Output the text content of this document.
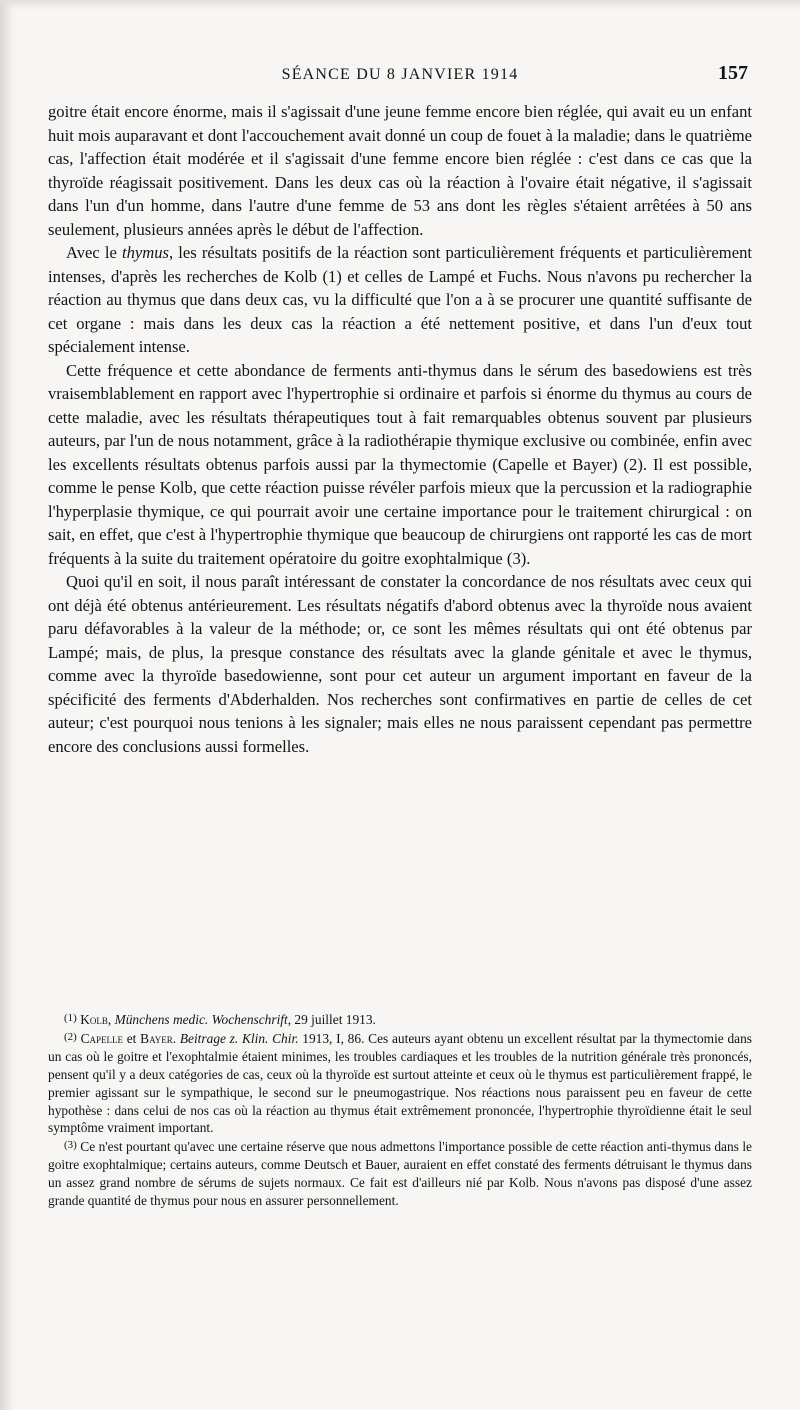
SÉANCE DU 8 JANVIER 1914	157

goitre était encore énorme, mais il s'agissait d'une jeune femme encore bien réglée, qui avait eu un enfant huit mois auparavant et dont l'accouchement avait donné un coup de fouet à la maladie; dans le quatrième cas, l'affection était modérée et il s'agissait d'une femme encore bien réglée : c'est dans ce cas que la thyroïde réagissait positivement. Dans les deux cas où la réaction à l'ovaire était négative, il s'agissait dans l'un d'un homme, dans l'autre d'une femme de 53 ans dont les règles s'étaient arrêtées à 50 ans seulement, plusieurs années après le début de l'affection.

Avec le thymus, les résultats positifs de la réaction sont particulièrement fréquents et particulièrement intenses, d'après les recherches de Kolb (1) et celles de Lampé et Fuchs. Nous n'avons pu rechercher la réaction au thymus que dans deux cas, vu la difficulté que l'on a à se procurer une quantité suffisante de cet organe : mais dans les deux cas la réaction a été nettement positive, et dans l'un d'eux tout spécialement intense.

Cette fréquence et cette abondance de ferments anti-thymus dans le sérum des basedowiens est très vraisemblablement en rapport avec l'hypertrophie si ordinaire et parfois si énorme du thymus au cours de cette maladie, avec les résultats thérapeutiques tout à fait remarquables obtenus souvent par plusieurs auteurs, par l'un de nous notamment, grâce à la radiothérapie thymique exclusive ou combinée, enfin avec les excellents résultats obtenus parfois aussi par la thymectomie (Capelle et Bayer) (2). Il est possible, comme le pense Kolb, que cette réaction puisse révéler parfois mieux que la percussion et la radiographie l'hyperplasie thymique, ce qui pourrait avoir une certaine importance pour le traitement chirurgical : on sait, en effet, que c'est à l'hypertrophie thymique que beaucoup de chirurgiens ont rapporté les cas de mort fréquents à la suite du traitement opératoire du goitre exophtalmique (3).

Quoi qu'il en soit, il nous paraît intéressant de constater la concordance de nos résultats avec ceux qui ont déjà été obtenus antérieurement. Les résultats négatifs d'abord obtenus avec la thyroïde nous avaient paru défavorables à la valeur de la méthode; or, ce sont les mêmes résultats qui ont été obtenus par Lampé; mais, de plus, la presque constance des résultats avec la glande génitale et avec le thymus, comme avec la thyroïde basedowienne, sont pour cet auteur un argument important en faveur de la spécificité des ferments d'Abderhalden. Nos recherches sont confirmatives en partie de celles de cet auteur; c'est pourquoi nous tenions à les signaler; mais elles ne nous paraissent cependant pas permettre encore des conclusions aussi formelles.

$^{(1)}$ Kolb, Münchens medic. Wochenschrift, 29 juillet 1913.

$^{(2)}$ Capelle et Bayer. Beitrage z. Klin. Chir. 1913, I, 86. Ces auteurs ayant obtenu un excellent résultat par la thymectomie dans un cas où le goitre et l'exophtalmie étaient minimes, les troubles cardiaques et les troubles de la nutrition générale très prononcés, pensent qu'il y a deux catégories de cas, ceux où la thyroïde est surtout atteinte et ceux où le thymus est particulièrement frappé, le premier agissant sur le sympathique, le second sur le pneumogastrique. Nos réactions nous paraissent peu en faveur de cette hypothèse : dans celui de nos cas où la réaction au thymus était extrêmement prononcée, l'hypertrophie thyroïdienne était le seul symptôme vraiment important.

$^{(3)}$ Ce n'est pourtant qu'avec une certaine réserve que nous admettons l'importance possible de cette réaction anti-thymus dans le goitre exophtalmique; certains auteurs, comme Deutsch et Bauer, auraient en effet constaté des ferments détruisant le thymus dans un assez grand nombre de sérums de sujets normaux. Ce fait est d'ailleurs nié par Kolb. Nous n'avons pas disposé d'une assez grande quantité de thymus pour nous en assurer personnellement.
